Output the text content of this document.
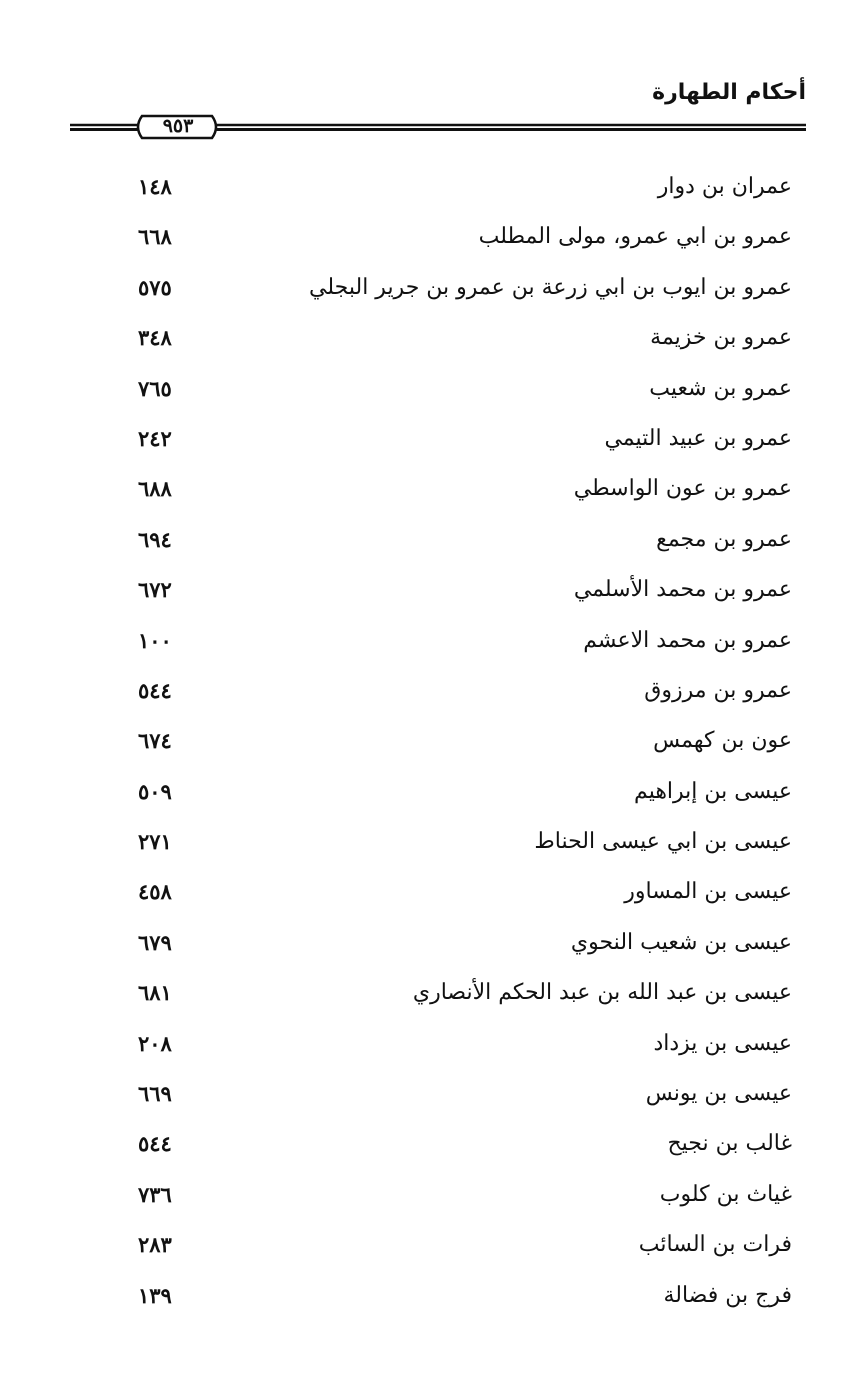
أحكام الطهارة
٩٥٣
عمران بن دوار
١٤٨
عمرو بن ابي عمرو، مولى المطلب
٦٦٨
عمرو بن ايوب بن ابي زرعة بن عمرو بن جرير البجلي
٥٧٥
عمرو بن خزيمة
٣٤٨
عمرو بن شعيب
٧٦٥
عمرو بن عبيد التيمي
٢٤٢
عمرو بن عون الواسطي
٦٨٨
عمرو بن مجمع
٦٩٤
عمرو بن محمد الأسلمي
٦٧٢
عمرو بن محمد الاعشم
١٠٠
عمرو بن مرزوق
٥٤٤
عون بن كهمس
٦٧٤
عيسى بن إبراهيم
٥٠٩
عيسى بن ابي عيسى الحناط
٢٧١
عيسى بن المساور
٤٥٨
عيسى بن شعيب النحوي
٦٧٩
عيسى بن عبد الله بن عبد الحكم الأنصاري
٦٨١
عيسى بن يزداد
٢٠٨
عيسى بن يونس
٦٦٩
غالب بن نجيح
٥٤٤
غياث بن كلوب
٧٣٦
فرات بن السائب
٢٨٣
فرج بن فضالة
١٣٩
